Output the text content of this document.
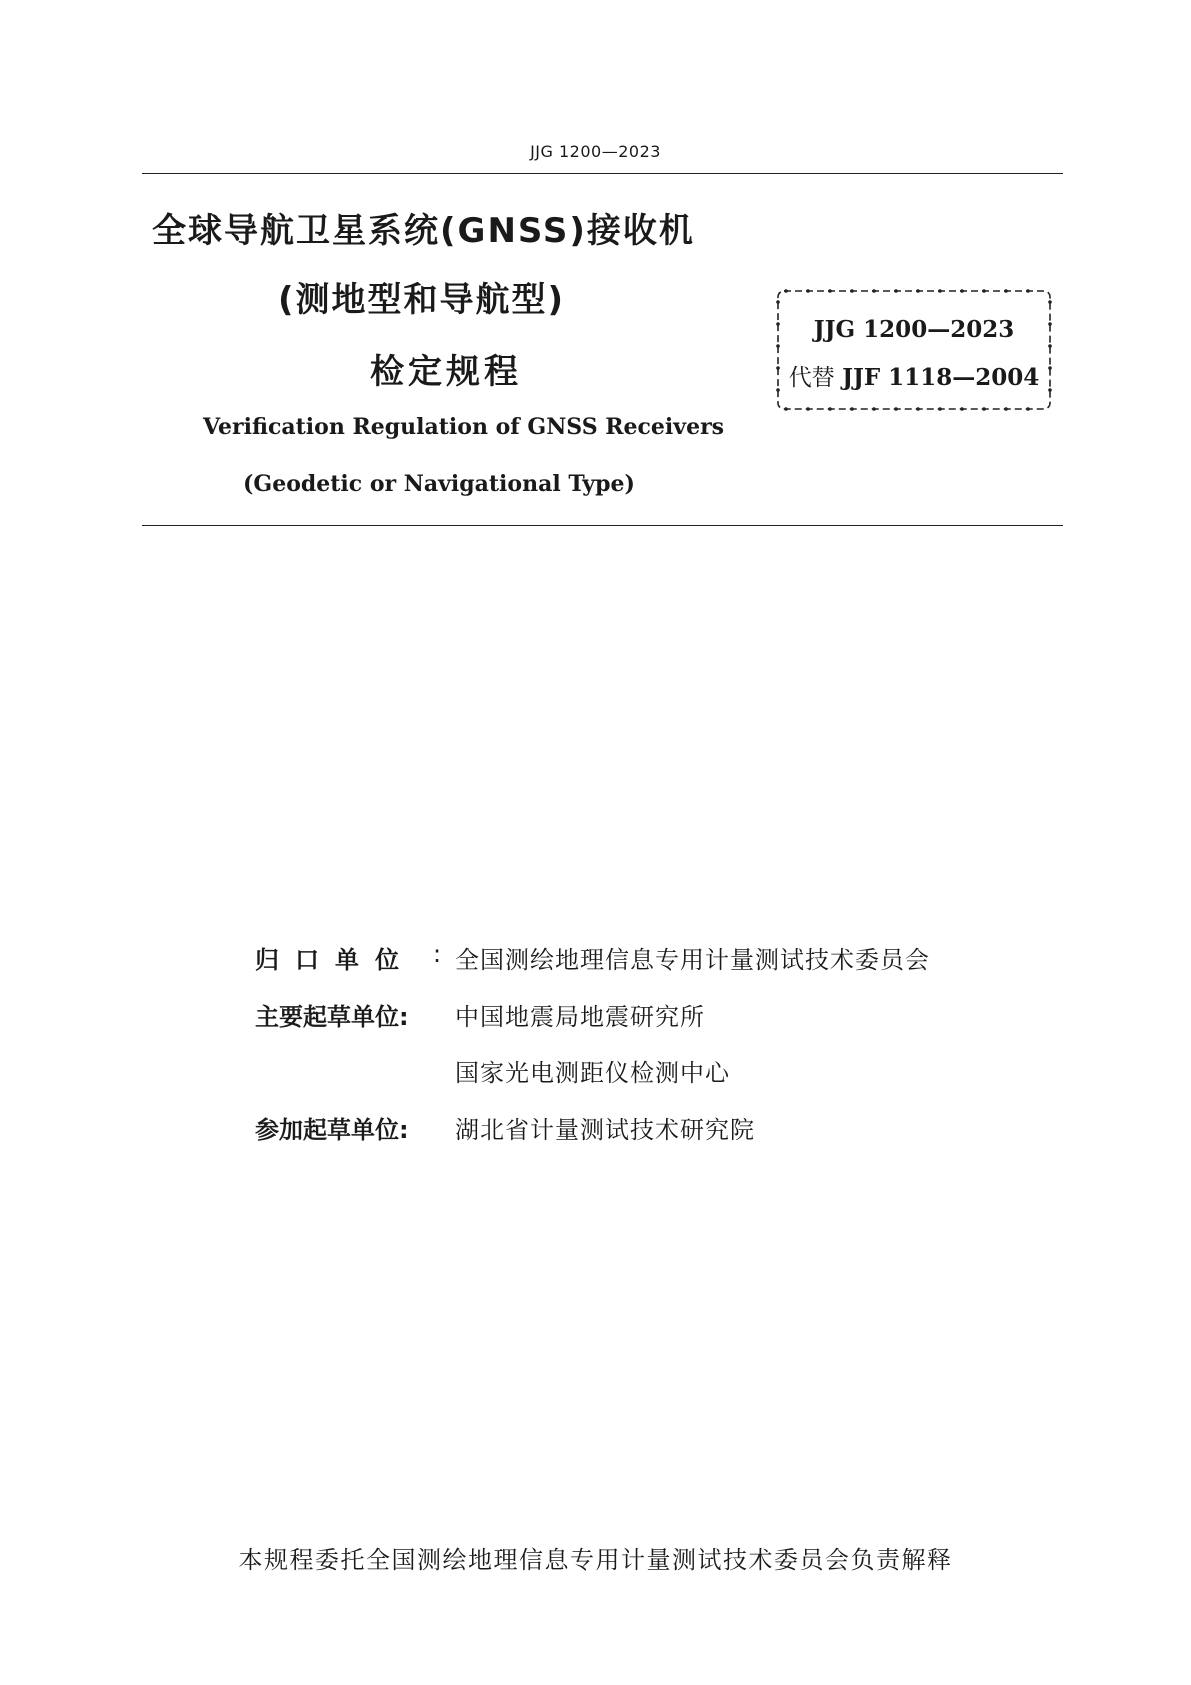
JJG 1200—2023
全球导航卫星系统(GNSS)接收机
(测地型和导航型)
检定规程
Verification Regulation of GNSS Receivers
(Geodetic or Navigational Type)
JJG 1200—2023
代替 JJF 1118—2004
归口单位 : 全国测绘地理信息专用计量测试技术委员会
主要起草单位: 中国地震局地震研究所
国家光电测距仪检测中心
参加起草单位: 湖北省计量测试技术研究院
本规程委托全国测绘地理信息专用计量测试技术委员会负责解释
